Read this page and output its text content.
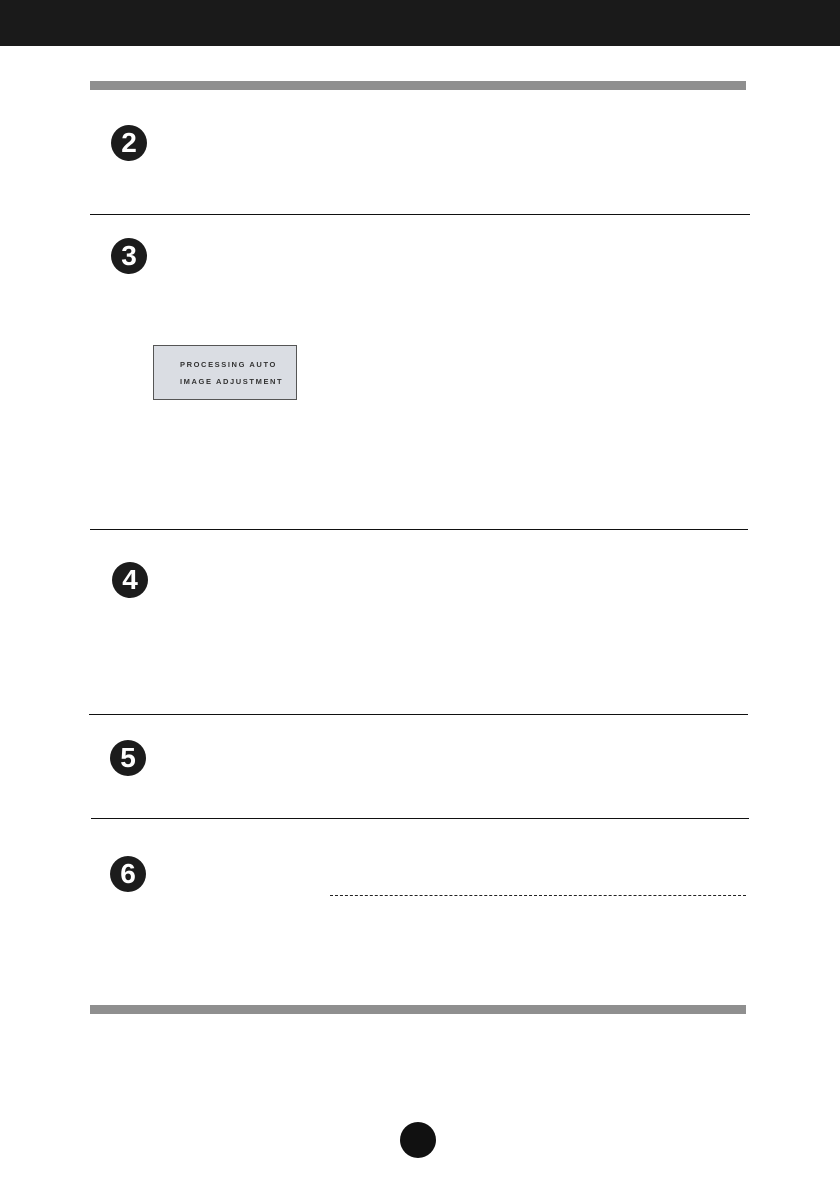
2
3
PROCESSING AUTO
IMAGE ADJUSTMENT
4
5
6
